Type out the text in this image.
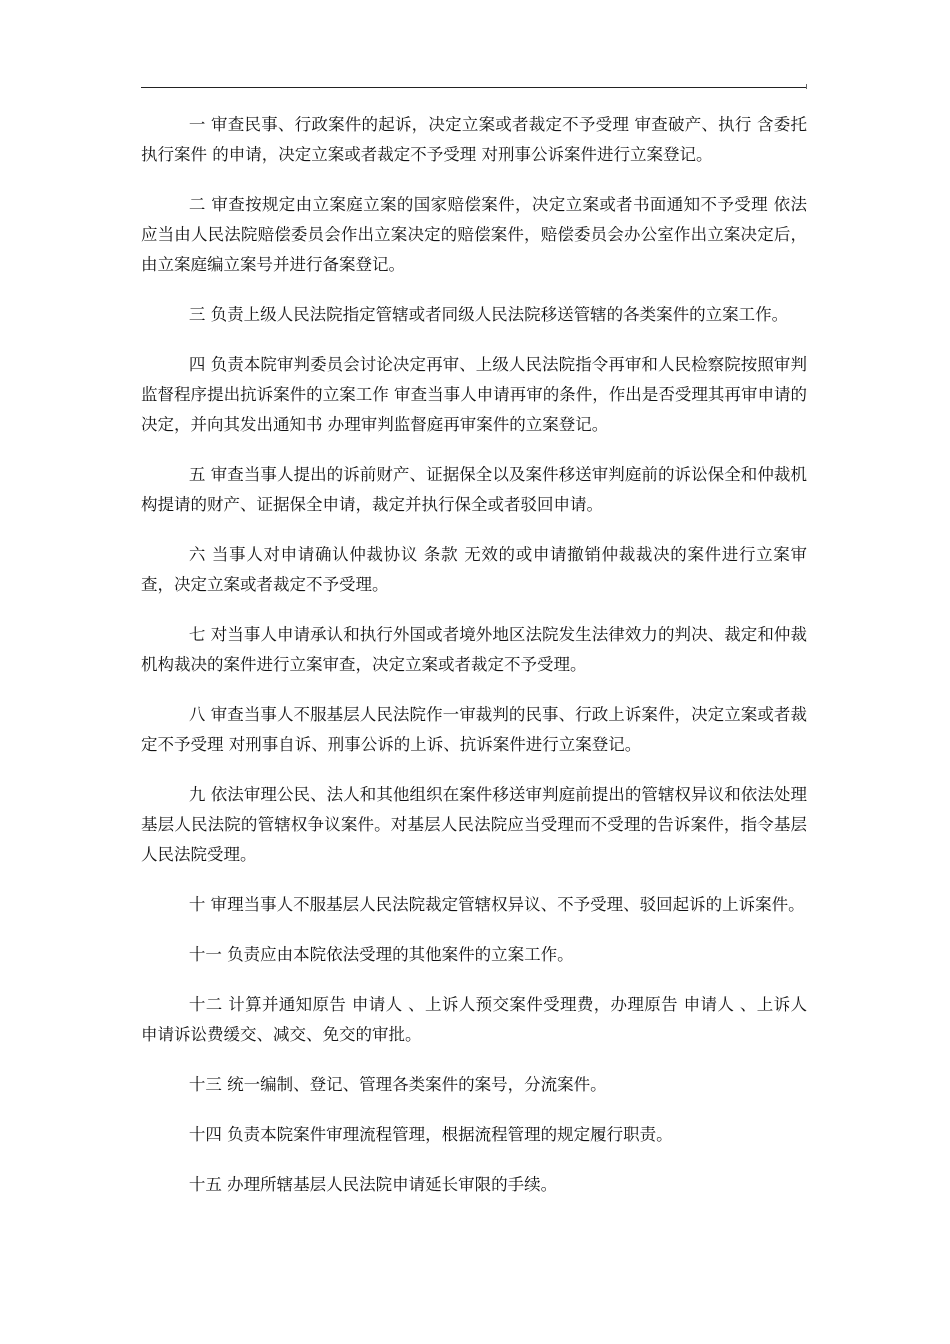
一 审查民事、行政案件的起诉，决定立案或者裁定不予受理 审查破产、执行 含委托执行案件 的申请，决定立案或者裁定不予受理 对刑事公诉案件进行立案登记。

二 审查按规定由立案庭立案的国家赔偿案件，决定立案或者书面通知不予受理 依法应当由人民法院赔偿委员会作出立案决定的赔偿案件，赔偿委员会办公室作出立案决定后，由立案庭编立案号并进行备案登记。

三 负责上级人民法院指定管辖或者同级人民法院移送管辖的各类案件的立案工作。

四 负责本院审判委员会讨论决定再审、上级人民法院指令再审和人民检察院按照审判监督程序提出抗诉案件的立案工作 审查当事人申请再审的条件，作出是否受理其再审申请的决定，并向其发出通知书 办理审判监督庭再审案件的立案登记。

五 审查当事人提出的诉前财产、证据保全以及案件移送审判庭前的诉讼保全和仲裁机构提请的财产、证据保全申请，裁定并执行保全或者驳回申请。

六 当事人对申请确认仲裁协议 条款 无效的或申请撤销仲裁裁决的案件进行立案审查，决定立案或者裁定不予受理。

七 对当事人申请承认和执行外国或者境外地区法院发生法律效力的判决、裁定和仲裁机构裁决的案件进行立案审查，决定立案或者裁定不予受理。

八 审查当事人不服基层人民法院作一审裁判的民事、行政上诉案件，决定立案或者裁定不予受理 对刑事自诉、刑事公诉的上诉、抗诉案件进行立案登记。

九 依法审理公民、法人和其他组织在案件移送审判庭前提出的管辖权异议和依法处理基层人民法院的管辖权争议案件。对基层人民法院应当受理而不受理的告诉案件，指令基层人民法院受理。

十 审理当事人不服基层人民法院裁定管辖权异议、不予受理、驳回起诉的上诉案件。

十一 负责应由本院依法受理的其他案件的立案工作。

十二 计算并通知原告 申请人 、上诉人预交案件受理费，办理原告 申请人 、上诉人申请诉讼费缓交、减交、免交的审批。

十三 统一编制、登记、管理各类案件的案号，分流案件。

十四 负责本院案件审理流程管理，根据流程管理的规定履行职责。

十五 办理所辖基层人民法院申请延长审限的手续。
